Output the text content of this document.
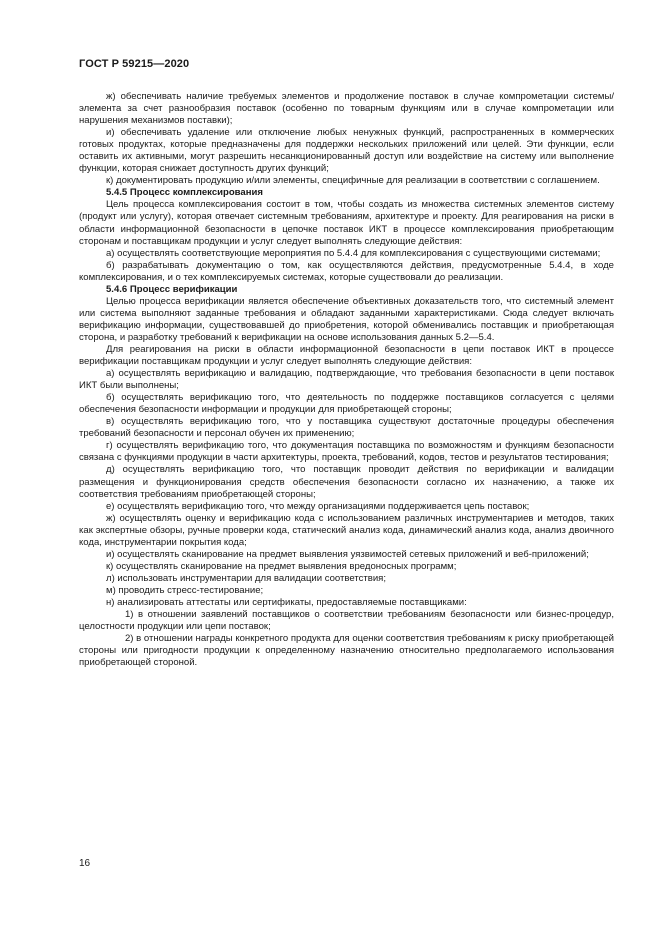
ГОСТ Р 59215—2020

ж) обеспечивать наличие требуемых элементов и продолжение поставок в случае компрометации системы/элемента за счет разнообразия поставок (особенно по товарным функциям или в случае компрометации или нарушения механизмов поставки);

и) обеспечивать удаление или отключение любых ненужных функций, распространенных в коммерческих готовых продуктах, которые предназначены для поддержки нескольких приложений или целей. Эти функции, если оставить их активными, могут разрешить несанкционированный доступ или воздействие на систему или выполнение функции, которая снижает доступность других функций;

к) документировать продукцию и/или элементы, специфичные для реализации в соответствии с соглашением.

5.4.5 Процесс комплексирования

Цель процесса комплексирования состоит в том, чтобы создать из множества системных элементов систему (продукт или услугу), которая отвечает системным требованиям, архитектуре и проекту. Для реагирования на риски в области информационной безопасности в цепочке поставок ИКТ в процессе комплексирования приобретающим сторонам и поставщикам продукции и услуг следует выполнять следующие действия:

а) осуществлять соответствующие мероприятия по 5.4.4 для комплексирования с существующими системами;

б) разрабатывать документацию о том, как осуществляются действия, предусмотренные 5.4.4, в ходе комплексирования, и о тех комплексируемых системах, которые существовали до реализации.

5.4.6 Процесс верификации

Целью процесса верификации является обеспечение объективных доказательств того, что системный элемент или система выполняют заданные требования и обладают заданными характеристиками. Сюда следует включать верификацию информации, существовавшей до приобретения, которой обменивались поставщик и приобретающая сторона, и разработку требований к верификации на основе использования данных 5.2—5.4.

Для реагирования на риски в области информационной безопасности в цепи поставок ИКТ в процессе верификации поставщикам продукции и услуг следует выполнять следующие действия:

а) осуществлять верификацию и валидацию, подтверждающие, что требования безопасности в цепи поставок ИКТ были выполнены;

б) осуществлять верификацию того, что деятельность по поддержке поставщиков согласуется с целями обеспечения безопасности информации и продукции для приобретающей стороны;

в) осуществлять верификацию того, что у поставщика существуют достаточные процедуры обеспечения требований безопасности и персонал обучен их применению;

г) осуществлять верификацию того, что документация поставщика по возможностям и функциям безопасности связана с функциями продукции в части архитектуры, проекта, требований, кодов, тестов и результатов тестирования;

д) осуществлять верификацию того, что поставщик проводит действия по верификации и валидации размещения и функционирования средств обеспечения безопасности согласно их назначению, а также их соответствия требованиям приобретающей стороны;

е) осуществлять верификацию того, что между организациями поддерживается цепь поставок;

ж) осуществлять оценку и верификацию кода с использованием различных инструментариев и методов, таких как экспертные обзоры, ручные проверки кода, статический анализ кода, динамический анализ кода, анализ двоичного кода, инструментарии покрытия кода;

и) осуществлять сканирование на предмет выявления уязвимостей сетевых приложений и веб-приложений;

к) осуществлять сканирование на предмет выявления вредоносных программ;

л) использовать инструментарии для валидации соответствия;

м) проводить стресс-тестирование;

н) анализировать аттестаты или сертификаты, предоставляемые поставщиками:

1) в отношении заявлений поставщиков о соответствии требованиям безопасности или бизнес-процедур, целостности продукции или цепи поставок;

2) в отношении награды конкретного продукта для оценки соответствия требованиям к риску приобретающей стороны или пригодности продукции к определенному назначению относительно предполагаемого использования приобретающей стороной.

16
